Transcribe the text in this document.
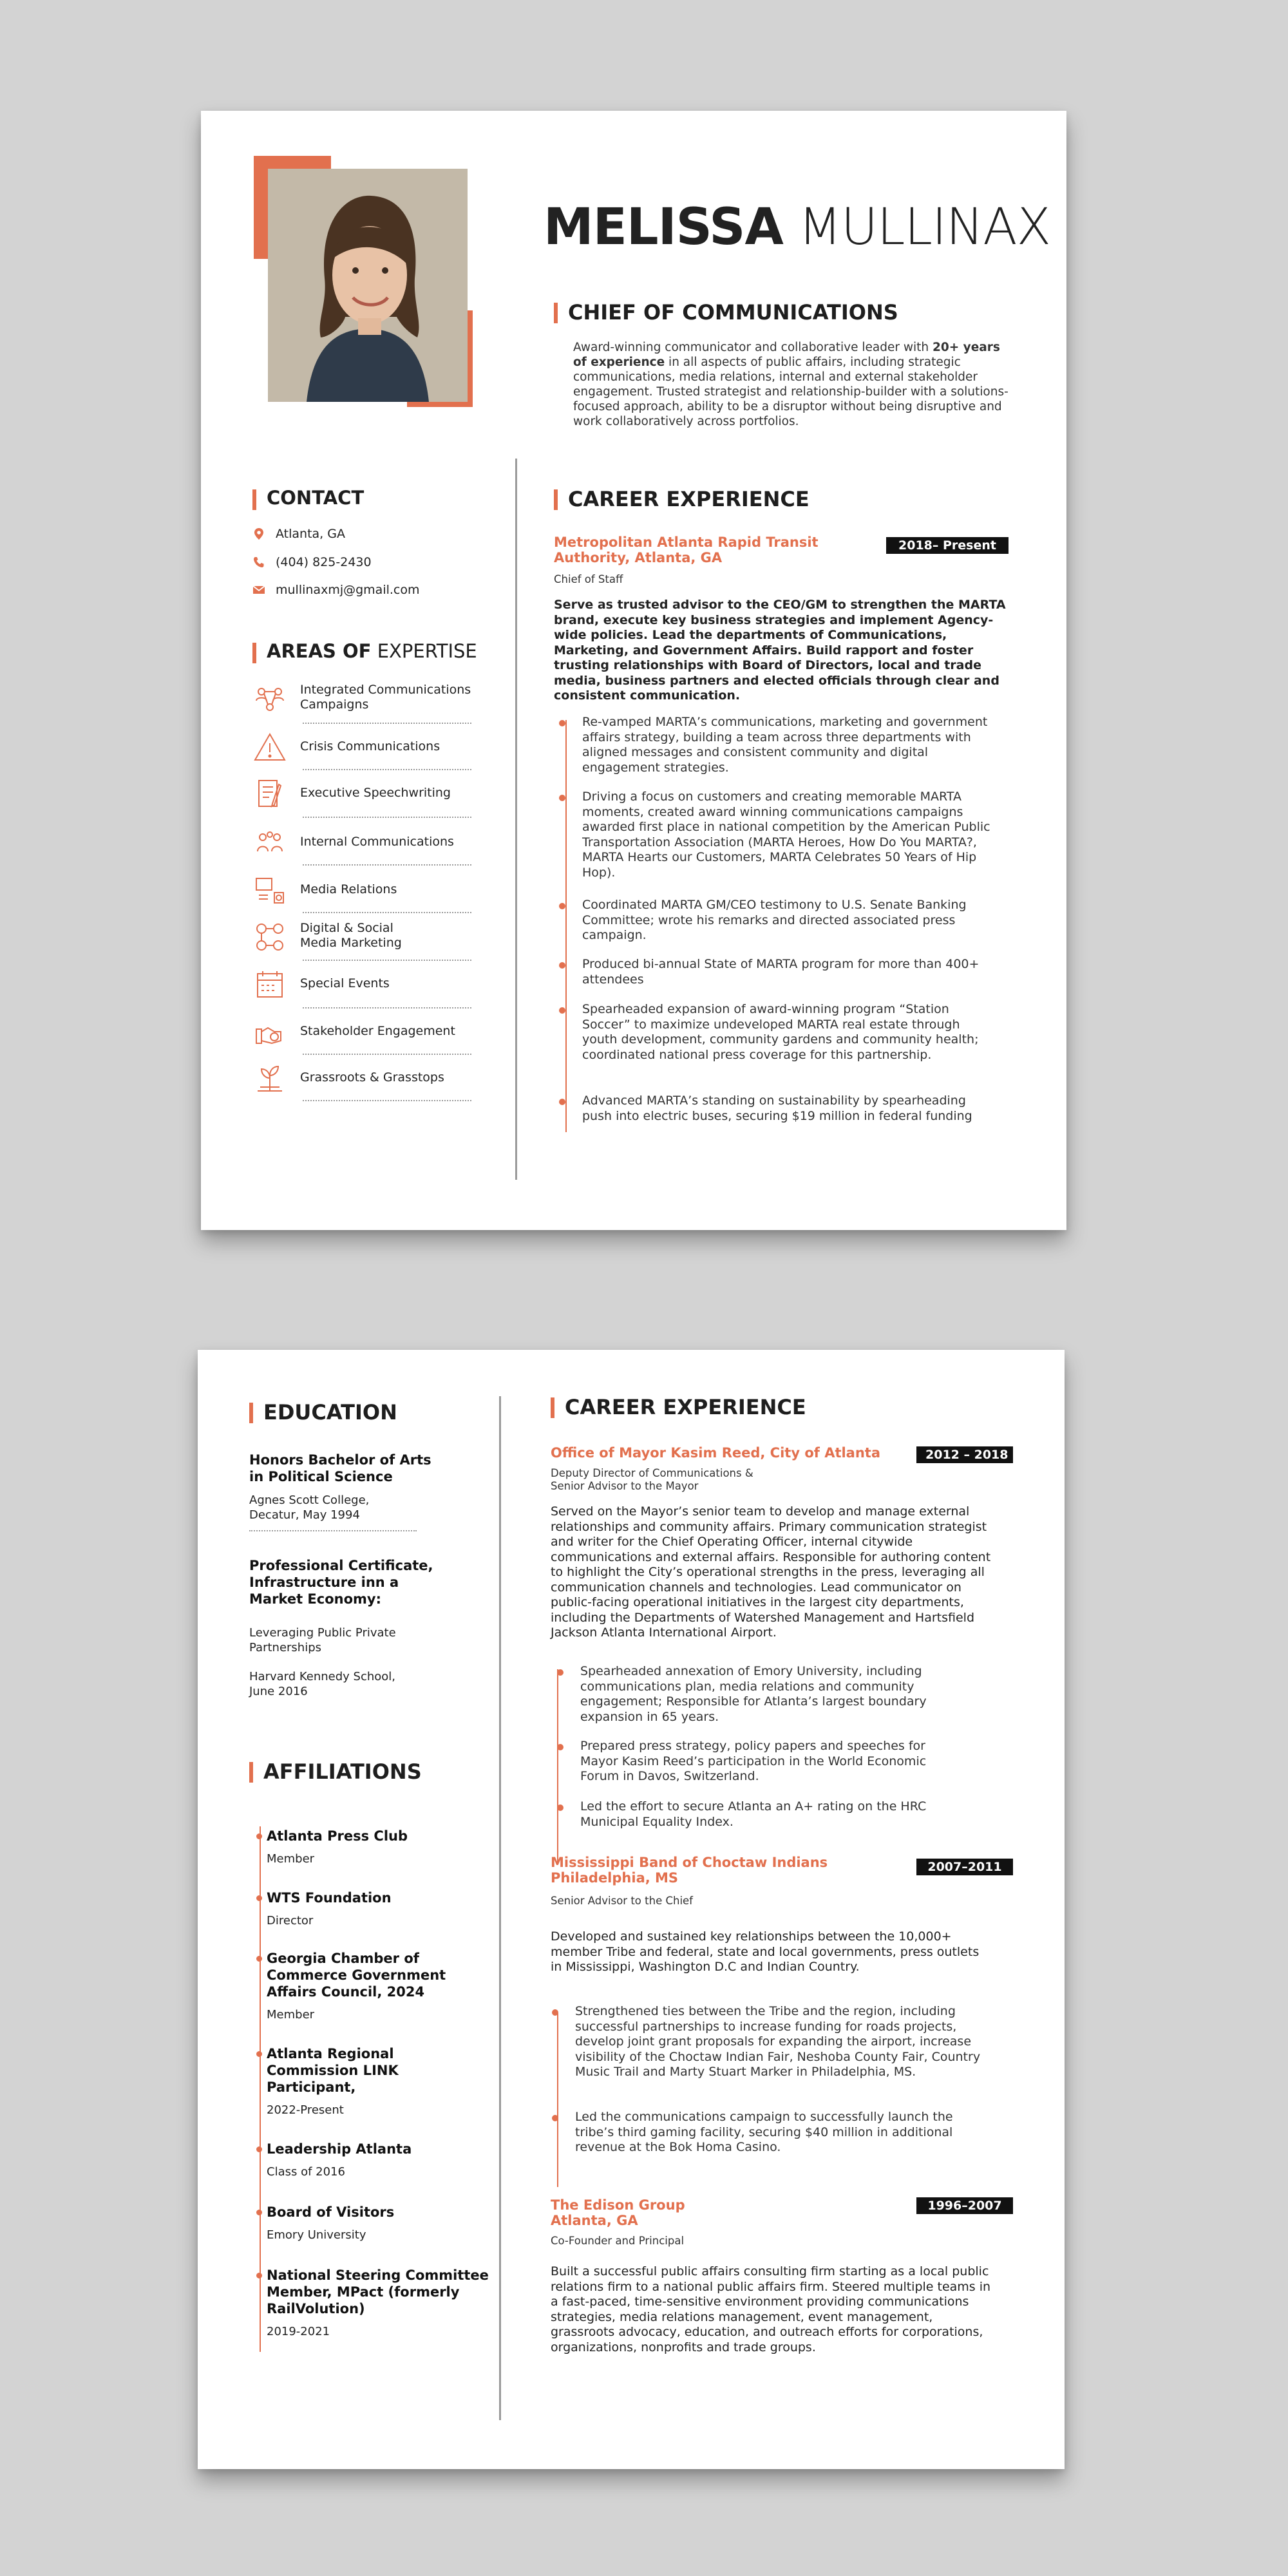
MELISSA MULLINAX
CHIEF OF COMMUNICATIONS
Award-winning communicator and collaborative leader with 20+ years of experience in all aspects of public affairs, including strategic communications, media relations, internal and external stakeholder engagement. Trusted strategist and relationship-builder with a solutions-focused approach, ability to be a disruptor without being disruptive and work collaboratively across portfolios.
CONTACT
Atlanta, GA
(404) 825-2430
mullinaxmj@gmail.com
AREAS OF EXPERTISE
Integrated Communications Campaigns
Crisis Communications
Executive Speechwriting
Internal Communications
Media Relations
Digital & Social Media Marketing
Special Events
Stakeholder Engagement
Grassroots & Grasstops
CAREER EXPERIENCE
Metropolitan Atlanta Rapid Transit
Authority, Atlanta, GA
2018– Present
Chief of Staff
Serve as trusted advisor to the CEO/GM to strengthen the MARTA brand, execute key business strategies and implement Agency-wide policies. Lead the departments of Communications, Marketing, and Government Affairs. Build rapport and foster trusting relationships with Board of Directors, local and trade media, business partners and elected officials through clear and consistent communication.
Re-vamped MARTA’s communications, marketing and government affairs strategy, building a team across three departments with aligned messages and consistent community and digital engagement strategies.
Driving a focus on customers and creating memorable MARTA moments, created award winning communications campaigns awarded first place in national competition by the American Public Transportation Association (MARTA Heroes, How Do You MARTA?, MARTA Hearts our Customers, MARTA Celebrates 50 Years of Hip Hop).
Coordinated MARTA GM/CEO testimony to U.S. Senate Banking Committee; wrote his remarks and directed associated press campaign.
Produced bi-annual State of MARTA program for more than 400+ attendees
Spearheaded expansion of award-winning program “Station Soccer” to maximize undeveloped MARTA real estate through youth development, community gardens and community health; coordinated national press coverage for this partnership.
Advanced MARTA’s standing on sustainability by spearheading push into electric buses, securing $19 million in federal funding
EDUCATION
Honors Bachelor of Arts in Political Science
Agnes Scott College, Decatur, May 1994
Professional Certificate, Infrastructure inn a Market Economy:
Leveraging Public Private Partnerships
Harvard Kennedy School, June 2016
AFFILIATIONS
Atlanta Press Club
Member
WTS Foundation
Director
Georgia Chamber of Commerce Government Affairs Council, 2024
Member
Atlanta Regional Commission LINK Participant,
2022-Present
Leadership Atlanta
Class of 2016
Board of Visitors
Emory University
National Steering Committee Member, MPact (formerly RailVolution)
2019-2021
CAREER EXPERIENCE
Office of Mayor Kasim Reed, City of Atlanta	2012 – 2018
Deputy Director of Communications &
Senior Advisor to the Mayor
Served on the Mayor’s senior team to develop and manage external relationships and community affairs. Primary communication strategist and writer for the Chief Operating Officer, internal citywide communications and external affairs. Responsible for authoring content to highlight the City’s operational strengths in the press, leveraging all communication channels and technologies. Lead communicator on public-facing operational initiatives in the largest city departments, including the Departments of Watershed Management and Hartsfield Jackson Atlanta International Airport.
Spearheaded annexation of Emory University, including communications plan, media relations and community engagement; Responsible for Atlanta’s largest boundary expansion in 65 years.
Prepared press strategy, policy papers and speeches for Mayor Kasim Reed’s participation in the World Economic Forum in Davos, Switzerland.
Led the effort to secure Atlanta an A+ rating on the HRC Municipal Equality Index.
Mississippi Band of Choctaw Indians
Philadelphia, MS
2007–2011
Senior Advisor to the Chief
Developed and sustained key relationships between the 10,000+ member Tribe and federal, state and local governments, press outlets in Mississippi, Washington D.C and Indian Country.
Strengthened ties between the Tribe and the region, including successful partnerships to increase funding for roads projects, develop joint grant proposals for expanding the airport, increase visibility of the Choctaw Indian Fair, Neshoba County Fair, Country Music Trail and Marty Stuart Marker in Philadelphia, MS.
Led the communications campaign to successfully launch the tribe’s third gaming facility, securing $40 million in additional revenue at the Bok Homa Casino.
The Edison Group
Atlanta, GA
1996–2007
Co-Founder and Principal
Built a successful public affairs consulting firm starting as a local public relations firm to a national public affairs firm. Steered multiple teams in a fast-paced, time-sensitive environment providing communications strategies, media relations management, event management, grassroots advocacy, education, and outreach efforts for corporations, organizations, nonprofits and trade groups.
